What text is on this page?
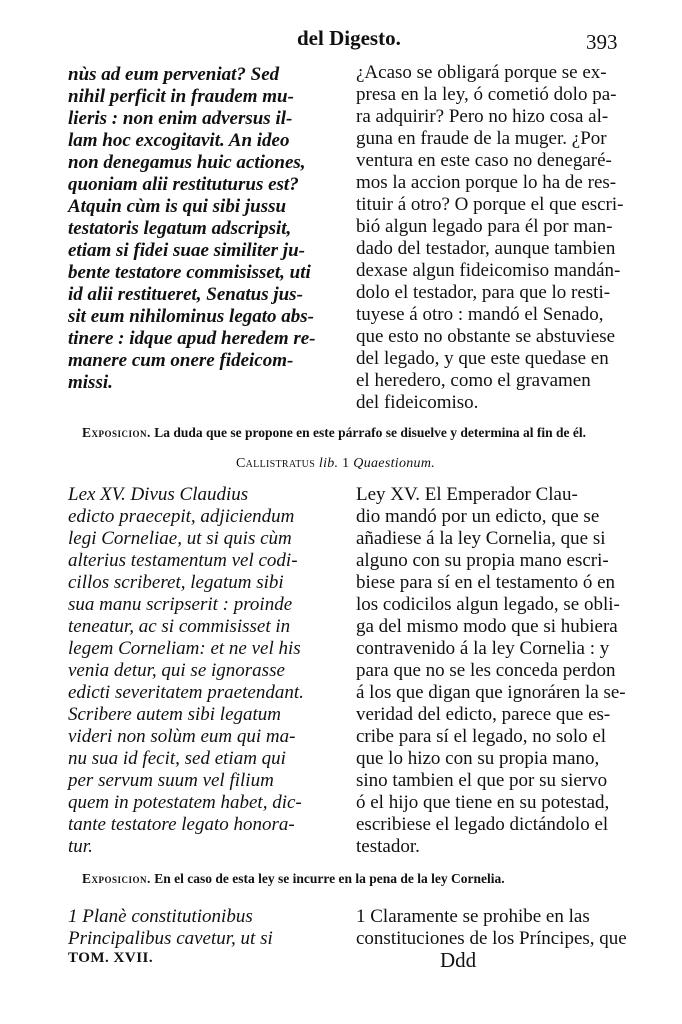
del Digesto.	393
nùs ad eum perveniat? Sed
nihil perficit in fraudem mu-
lieris : non enim adversus il-
lam hoc excogitavit. An ideo
non denegamus huic actiones,
quoniam alii restituturus est?
Atquin cùm is qui sibi jussu
testatoris legatum adscripsit,
etiam si fidei suae similiter ju-
bente testatore commisisset, uti
id alii restitueret, Senatus jus-
sit eum nihilominus legato abs-
tinere : idque apud heredem re-
manere cum onere fideicom-
missi.
¿Acaso se obligará porque se ex-
presa en la ley, ó cometió dolo pa-
ra adquirir? Pero no hizo cosa al-
guna en fraude de la muger. ¿Por
ventura en este caso no denegaré-
mos la accion porque lo ha de res-
tituir á otro? O porque el que escri-
bió algun legado para él por man-
dado del testador, aunque tambien
dexase algun fideicomiso mandán-
dolo el testador, para que lo resti-
tuyese á otro : mandó el Senado,
que esto no obstante se abstuviese
del legado, y que este quedase en
el heredero, como el gravamen
del fideicomiso.
Exposicion. La duda que se propone en este párrafo se disuelve y determina al fin de él.
Callistratus lib. 1 Quaestionum.
Lex XV. Divus Claudius
edicto praecepit, adjiciendum
legi Corneliae, ut si quis cùm
alterius testamentum vel codi-
cillos scriberet, legatum sibi
sua manu scripserit : proinde
teneatur, ac si commisisset in
legem Corneliam: et ne vel his
venia detur, qui se ignorasse
edicti severitatem praetendant.
Scribere autem sibi legatum
videri non solùm eum qui ma-
nu sua id fecit, sed etiam qui
per servum suum vel filium
quem in potestatem habet, dic-
tante testatore legato honora-
tur.
Ley XV. El Emperador Clau-
dio mandó por un edicto, que se
añadiese á la ley Cornelia, que si
alguno con su propia mano escri-
biese para sí en el testamento ó en
los codicilos algun legado, se obli-
ga del mismo modo que si hubiera
contravenido á la ley Cornelia : y
para que no se les conceda perdon
á los que digan que ignoráren la se-
veridad del edicto, parece que es-
cribe para sí el legado, no solo el
que lo hizo con su propia mano,
sino tambien el que por su siervo
ó el hijo que tiene en su potestad,
escribiese el legado dictándolo el
testador.
Exposicion. En el caso de esta ley se incurre en la pena de la ley Cornelia.
1 Planè constitutionibus
Principalibus cavetur, ut si
1 Claramente se prohibe en las
constituciones de los Príncipes, que
TOM. XVII.	Ddd
